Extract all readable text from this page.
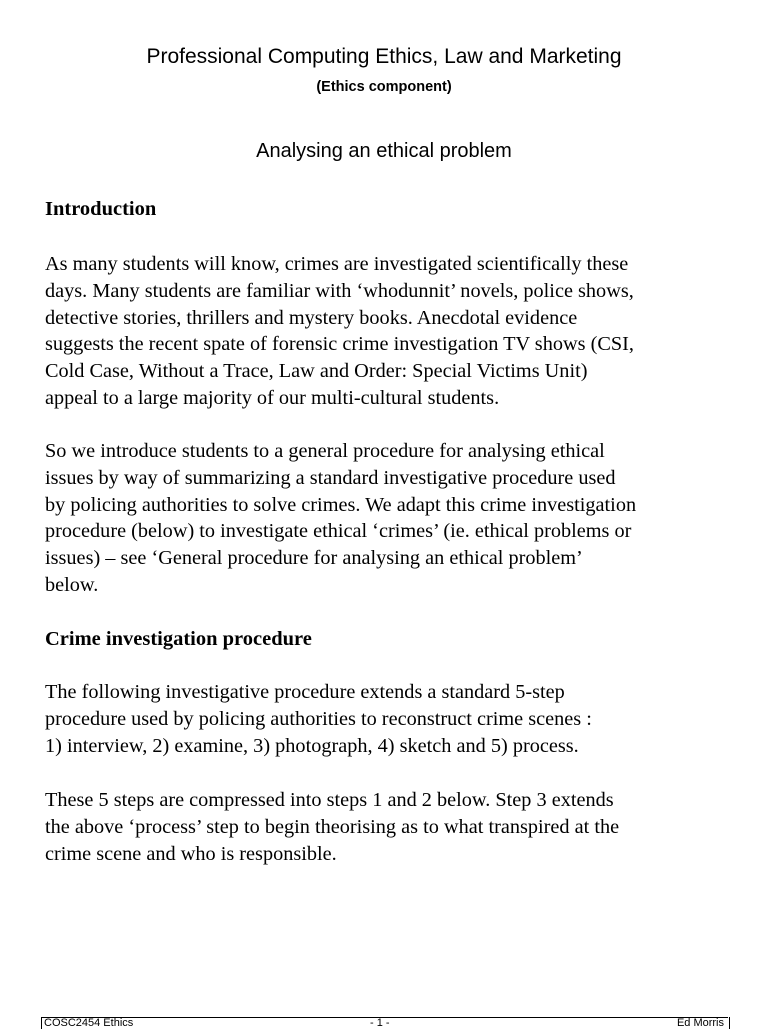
Professional Computing Ethics, Law and Marketing
(Ethics component)
Analysing an ethical problem
Introduction
As many students will know, crimes are investigated scientifically these
days. Many students are familiar with ‘whodunnit’ novels, police shows,
detective stories, thrillers and mystery books. Anecdotal evidence
suggests the recent spate of forensic crime investigation TV shows (CSI,
Cold Case, Without a Trace, Law and Order: Special Victims Unit)
appeal to a large majority of our multi-cultural students.
So we introduce students to a general procedure for analysing ethical
issues by way of summarizing a standard investigative procedure used
by policing authorities to solve crimes. We adapt this crime investigation
procedure (below) to investigate ethical ‘crimes’ (ie. ethical problems or
issues) – see ‘General procedure for analysing an ethical problem’
below.
Crime investigation procedure
The following investigative procedure extends a standard 5-step
procedure used by policing authorities to reconstruct crime scenes :
1) interview, 2) examine, 3) photograph, 4) sketch and 5) process.
These 5 steps are compressed into steps 1 and 2 below. Step 3 extends
the above ‘process’ step to begin theorising as to what transpired at the
crime scene and who is responsible.
COSC2454 Ethics	- 1 -	Ed Morris
